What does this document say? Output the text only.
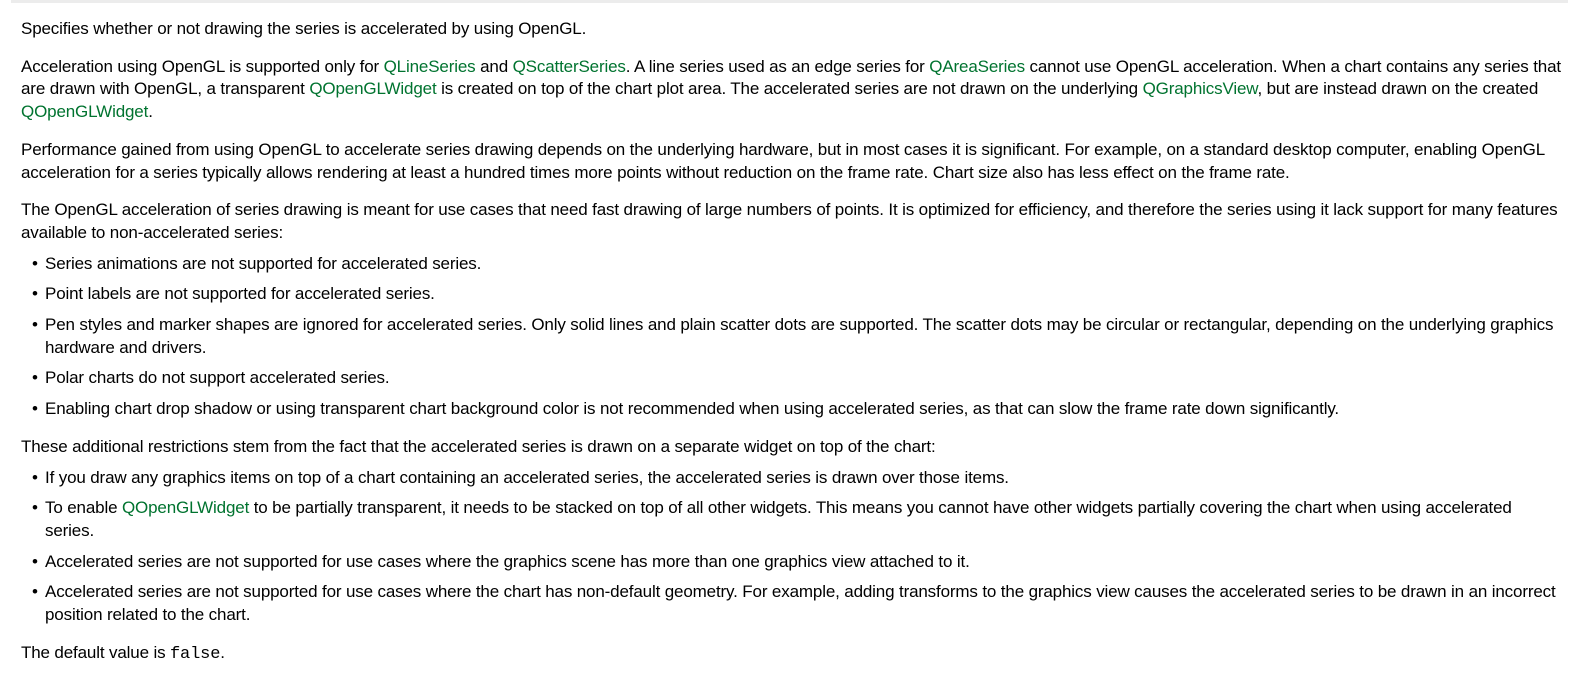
Specifies whether or not drawing the series is accelerated by using OpenGL.

Acceleration using OpenGL is supported only for QLineSeries and QScatterSeries. A line series used as an edge series for QAreaSeries cannot use OpenGL acceleration. When a chart contains any series that are drawn with OpenGL, a transparent QOpenGLWidget is created on top of the chart plot area. The accelerated series are not drawn on the underlying QGraphicsView, but are instead drawn on the created QOpenGLWidget.

Performance gained from using OpenGL to accelerate series drawing depends on the underlying hardware, but in most cases it is significant. For example, on a standard desktop computer, enabling OpenGL acceleration for a series typically allows rendering at least a hundred times more points without reduction on the frame rate. Chart size also has less effect on the frame rate.

The OpenGL acceleration of series drawing is meant for use cases that need fast drawing of large numbers of points. It is optimized for efficiency, and therefore the series using it lack support for many features available to non-accelerated series:

• Series animations are not supported for accelerated series.
• Point labels are not supported for accelerated series.
• Pen styles and marker shapes are ignored for accelerated series. Only solid lines and plain scatter dots are supported. The scatter dots may be circular or rectangular, depending on the underlying graphics hardware and drivers.
• Polar charts do not support accelerated series.
• Enabling chart drop shadow or using transparent chart background color is not recommended when using accelerated series, as that can slow the frame rate down significantly.

These additional restrictions stem from the fact that the accelerated series is drawn on a separate widget on top of the chart:

• If you draw any graphics items on top of a chart containing an accelerated series, the accelerated series is drawn over those items.
• To enable QOpenGLWidget to be partially transparent, it needs to be stacked on top of all other widgets. This means you cannot have other widgets partially covering the chart when using accelerated series.
• Accelerated series are not supported for use cases where the graphics scene has more than one graphics view attached to it.
• Accelerated series are not supported for use cases where the chart has non-default geometry. For example, adding transforms to the graphics view causes the accelerated series to be drawn in an incorrect position related to the chart.

The default value is false.
